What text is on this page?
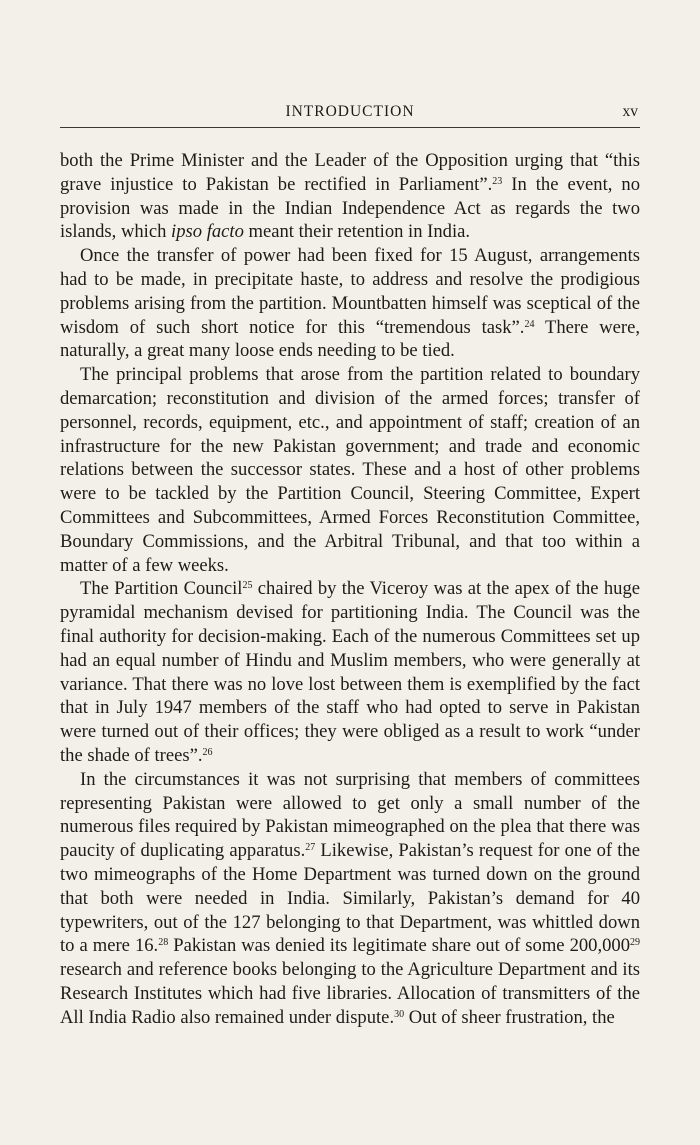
INTRODUCTION	xv

both the Prime Minister and the Leader of the Opposition urging that “this grave injustice to Pakistan be rectified in Parliament”.$^{23}$ In the event, no provision was made in the Indian Independence Act as regards the two islands, which ipso facto meant their retention in India.

Once the transfer of power had been fixed for 15 August, arrangements had to be made, in precipitate haste, to address and resolve the prodigious problems arising from the partition. Mountbatten himself was sceptical of the wisdom of such short notice for this “tremendous task”.$^{24}$ There were, naturally, a great many loose ends needing to be tied.

The principal problems that arose from the partition related to boundary demarcation; reconstitution and division of the armed forces; transfer of personnel, records, equipment, etc., and appointment of staff; creation of an infrastructure for the new Pakistan government; and trade and economic relations between the successor states. These and a host of other problems were to be tackled by the Partition Council, Steering Committee, Expert Committees and Subcommittees, Armed Forces Reconstitution Committee, Boundary Commissions, and the Arbitral Tribunal, and that too within a matter of a few weeks.

The Partition Council$^{25}$ chaired by the Viceroy was at the apex of the huge pyramidal mechanism devised for partitioning India. The Council was the final authority for decision-making. Each of the numerous Committees set up had an equal number of Hindu and Muslim members, who were generally at variance. That there was no love lost between them is exemplified by the fact that in July 1947 members of the staff who had opted to serve in Pakistan were turned out of their offices; they were obliged as a result to work “under the shade of trees”.$^{26}$

In the circumstances it was not surprising that members of committees representing Pakistan were allowed to get only a small number of the numerous files required by Pakistan mimeographed on the plea that there was paucity of duplicating apparatus.$^{27}$ Likewise, Pakistan’s request for one of the two mimeographs of the Home Department was turned down on the ground that both were needed in India. Similarly, Pakistan’s demand for 40 typewriters, out of the 127 belonging to that Department, was whittled down to a mere 16.28 Pakistan was denied its legitimate share out of some 200,000$^{29}$ research and reference books belonging to the Agriculture Department and its Research Institutes which had five libraries. Allocation of transmitters of the All India Radio also remained under dispute.$^{30}$ Out of sheer frustration, the
